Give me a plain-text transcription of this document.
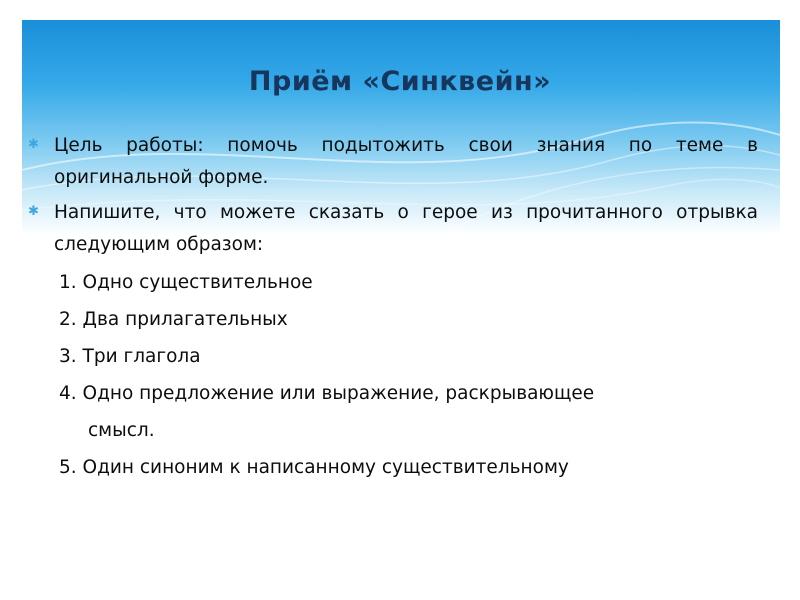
Приём «Синквейн»
✱ Цель работы: помочь подытожить свои знания по теме в оригинальной форме.
✱ Напишите, что можете сказать о герое из прочитанного отрывка следующим образом:
1. Одно существительное
2. Два прилагательных
3. Три глагола
4. Одно предложение или выражение, раскрывающее
смысл.
5. Один синоним к написанному существительному
